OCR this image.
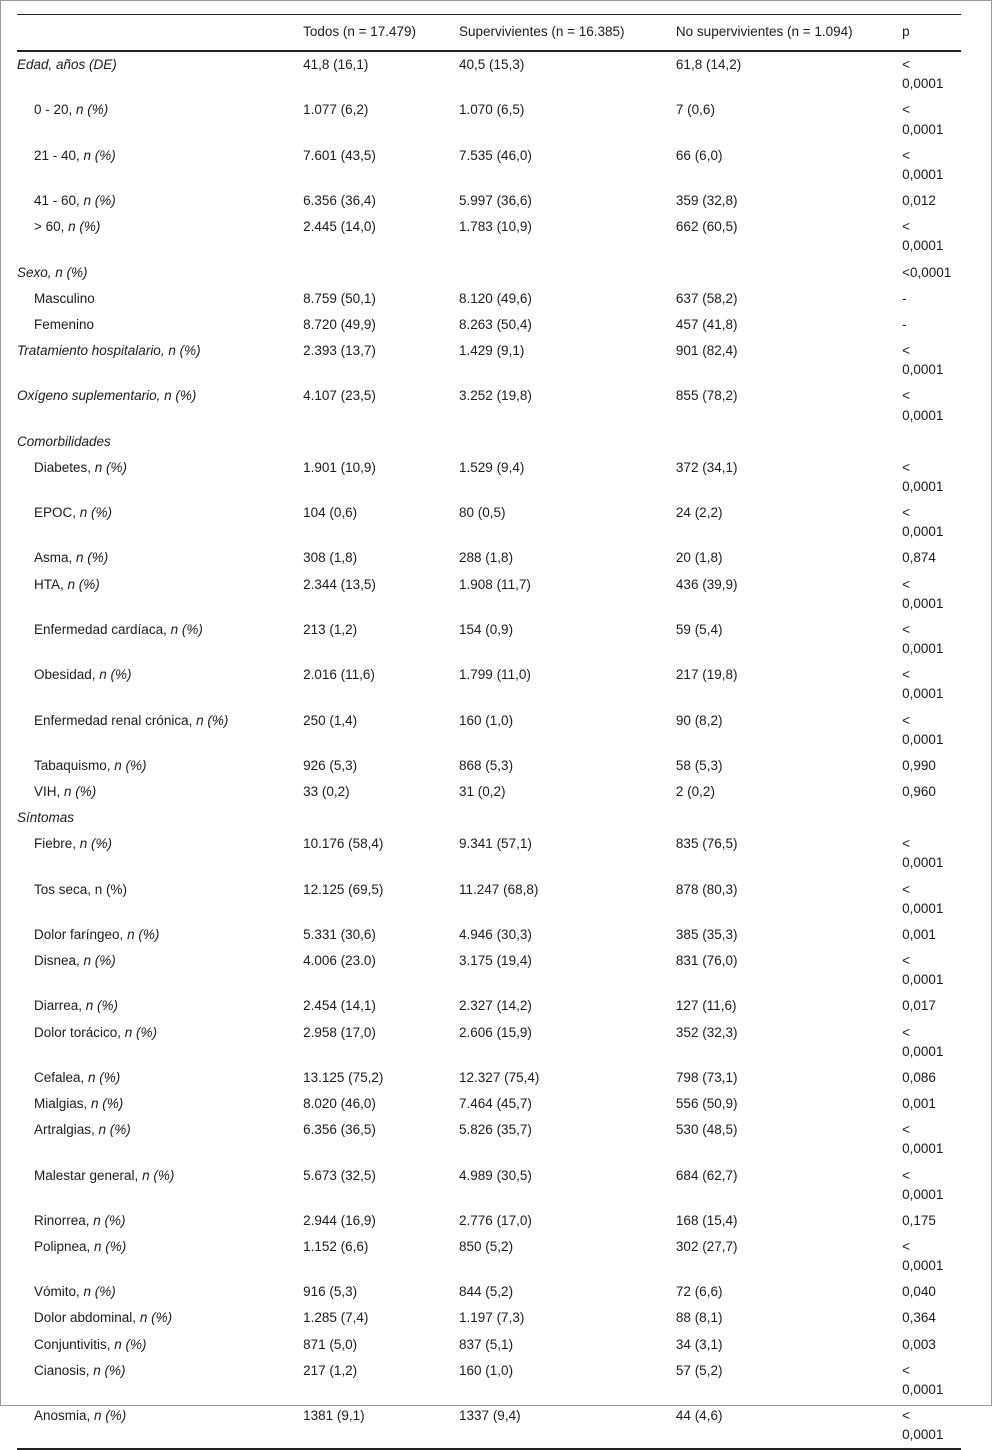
	Todos (n = 17.479)	Supervivientes (n = 16.385)	No supervivientes (n = 1.094)	p
Edad, años (DE)	41,8 (16,1)	40,5 (15,3)	61,8 (14,2)	< 0,0001
0 - 20, n (%)	1.077 (6,2)	1.070 (6,5)	7 (0,6)	< 0,0001
21 - 40, n (%)	7.601 (43,5)	7.535 (46,0)	66 (6,0)	< 0,0001
41 - 60, n (%)	6.356 (36,4)	5.997 (36,6)	359 (32,8)	0,012
> 60, n (%)	2.445 (14,0)	1.783 (10,9)	662 (60,5)	< 0,0001
Sexo, n (%)				<0,0001
Masculino	8.759 (50,1)	8.120 (49,6)	637 (58,2)	-
Femenino	8.720 (49,9)	8.263 (50,4)	457 (41,8)	-
Tratamiento hospitalario, n (%)	2.393 (13,7)	1.429 (9,1)	901 (82,4)	< 0,0001
Oxígeno suplementario, n (%)	4.107 (23,5)	3.252 (19,8)	855 (78,2)	< 0,0001
Comorbilidades				
Diabetes, n (%)	1.901 (10,9)	1.529 (9,4)	372 (34,1)	< 0,0001
EPOC, n (%)	104 (0,6)	80 (0,5)	24 (2,2)	< 0,0001
Asma, n (%)	308 (1,8)	288 (1,8)	20 (1,8)	0,874
HTA, n (%)	2.344 (13,5)	1.908 (11,7)	436 (39,9)	< 0,0001
Enfermedad cardíaca, n (%)	213 (1,2)	154 (0,9)	59 (5,4)	< 0,0001
Obesidad, n (%)	2.016 (11,6)	1.799 (11,0)	217 (19,8)	< 0,0001
Enfermedad renal crónica, n (%)	250 (1,4)	160 (1,0)	90 (8,2)	< 0,0001
Tabaquismo, n (%)	926 (5,3)	868 (5,3)	58 (5,3)	0,990
VIH, n (%)	33 (0,2)	31 (0,2)	2 (0,2)	0,960
Síntomas				
Fiebre, n (%)	10.176 (58,4)	9.341 (57,1)	835 (76,5)	< 0,0001
Tos seca, n (%)	12.125 (69,5)	11.247 (68,8)	878 (80,3)	< 0,0001
Dolor faríngeo, n (%)	5.331 (30,6)	4.946 (30,3)	385 (35,3)	0,001
Disnea, n (%)	4.006 (23.0)	3.175 (19,4)	831 (76,0)	< 0,0001
Diarrea, n (%)	2.454 (14,1)	2.327 (14,2)	127 (11,6)	0,017
Dolor torácico, n (%)	2.958 (17,0)	2.606 (15,9)	352 (32,3)	< 0,0001
Cefalea, n (%)	13.125 (75,2)	12.327 (75,4)	798 (73,1)	0,086
Mialgias, n (%)	8.020 (46,0)	7.464 (45,7)	556 (50,9)	0,001
Artralgias, n (%)	6.356 (36,5)	5.826 (35,7)	530 (48,5)	< 0,0001
Malestar general, n (%)	5.673 (32,5)	4.989 (30,5)	684 (62,7)	< 0,0001
Rinorrea, n (%)	2.944 (16,9)	2.776 (17,0)	168 (15,4)	0,175
Polipnea, n (%)	1.152 (6,6)	850 (5,2)	302 (27,7)	< 0,0001
Vómito, n (%)	916 (5,3)	844 (5,2)	72 (6,6)	0,040
Dolor abdominal, n (%)	1.285 (7,4)	1.197 (7,3)	88 (8,1)	0,364
Conjuntivitis, n (%)	871 (5,0)	837 (5,1)	34 (3,1)	0,003
Cianosis, n (%)	217 (1,2)	160 (1,0)	57 (5,2)	< 0,0001
Anosmia, n (%)	1381 (9,1)	1337 (9,4)	44 (4,6)	< 0,0001
